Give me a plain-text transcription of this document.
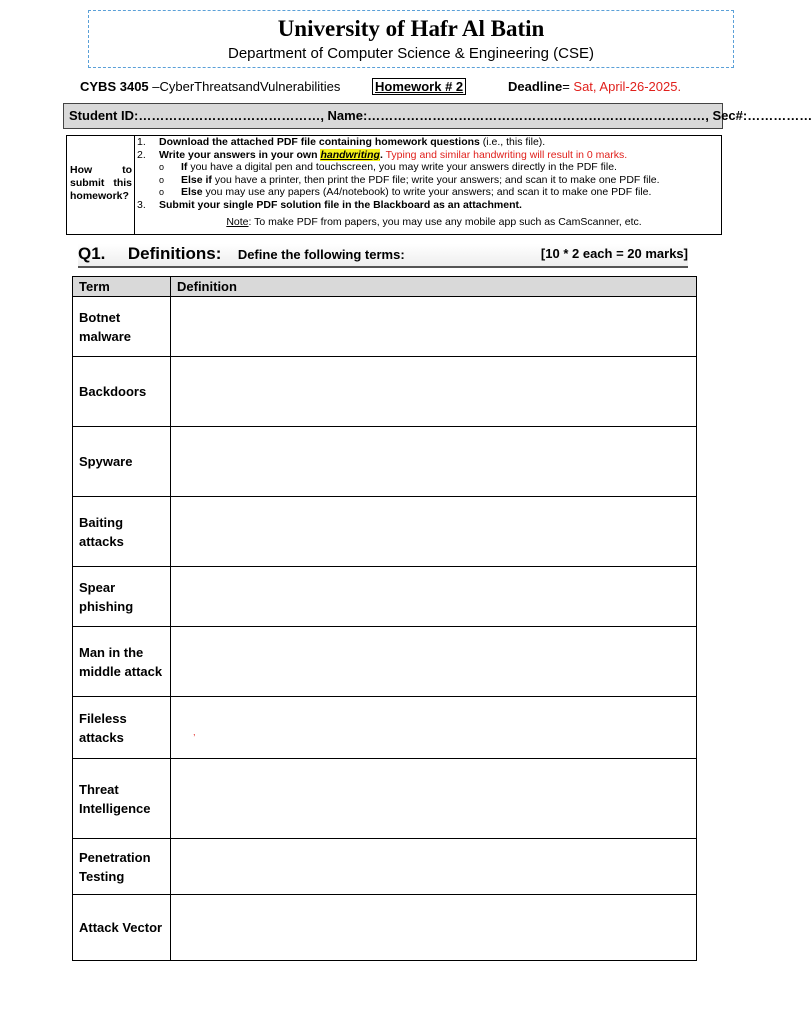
University of Hafr Al Batin
Department of Computer Science & Engineering (CSE)
CYBS 3405 –CyberThreatsandVulnerabilities	Homework # 2	Deadline= Sat, April-26-2025.
Student ID:……………………………………, Name:……………………………………………………………………, Sec#:……………
How to
submit this
homework?
1. Download the attached PDF file containing homework questions (i.e., this file).
2. Write your answers in your own handwriting. Typing and similar handwriting will result in 0 marks.
o	If you have a digital pen and touchscreen, you may write your answers directly in the PDF file.
o	Else if you have a printer, then print the PDF file; write your answers; and scan it to make one PDF file.
o	Else you may use any papers (A4/notebook) to write your answers; and scan it to make one PDF file.
3. Submit your single PDF solution file in the Blackboard as an attachment.
Note: To make PDF from papers, you may use any mobile app such as CamScanner, etc.
Q1. Definitions: Define the following terms:	[10 * 2 each = 20 marks]
Term	Definition
Botnet malware	
Backdoors	
Spyware	
Baiting attacks	
Spear phishing	
Man in the middle attack	
Fileless attacks	,

Threat Intelligence	
Penetration Testing	
Attack Vector	
